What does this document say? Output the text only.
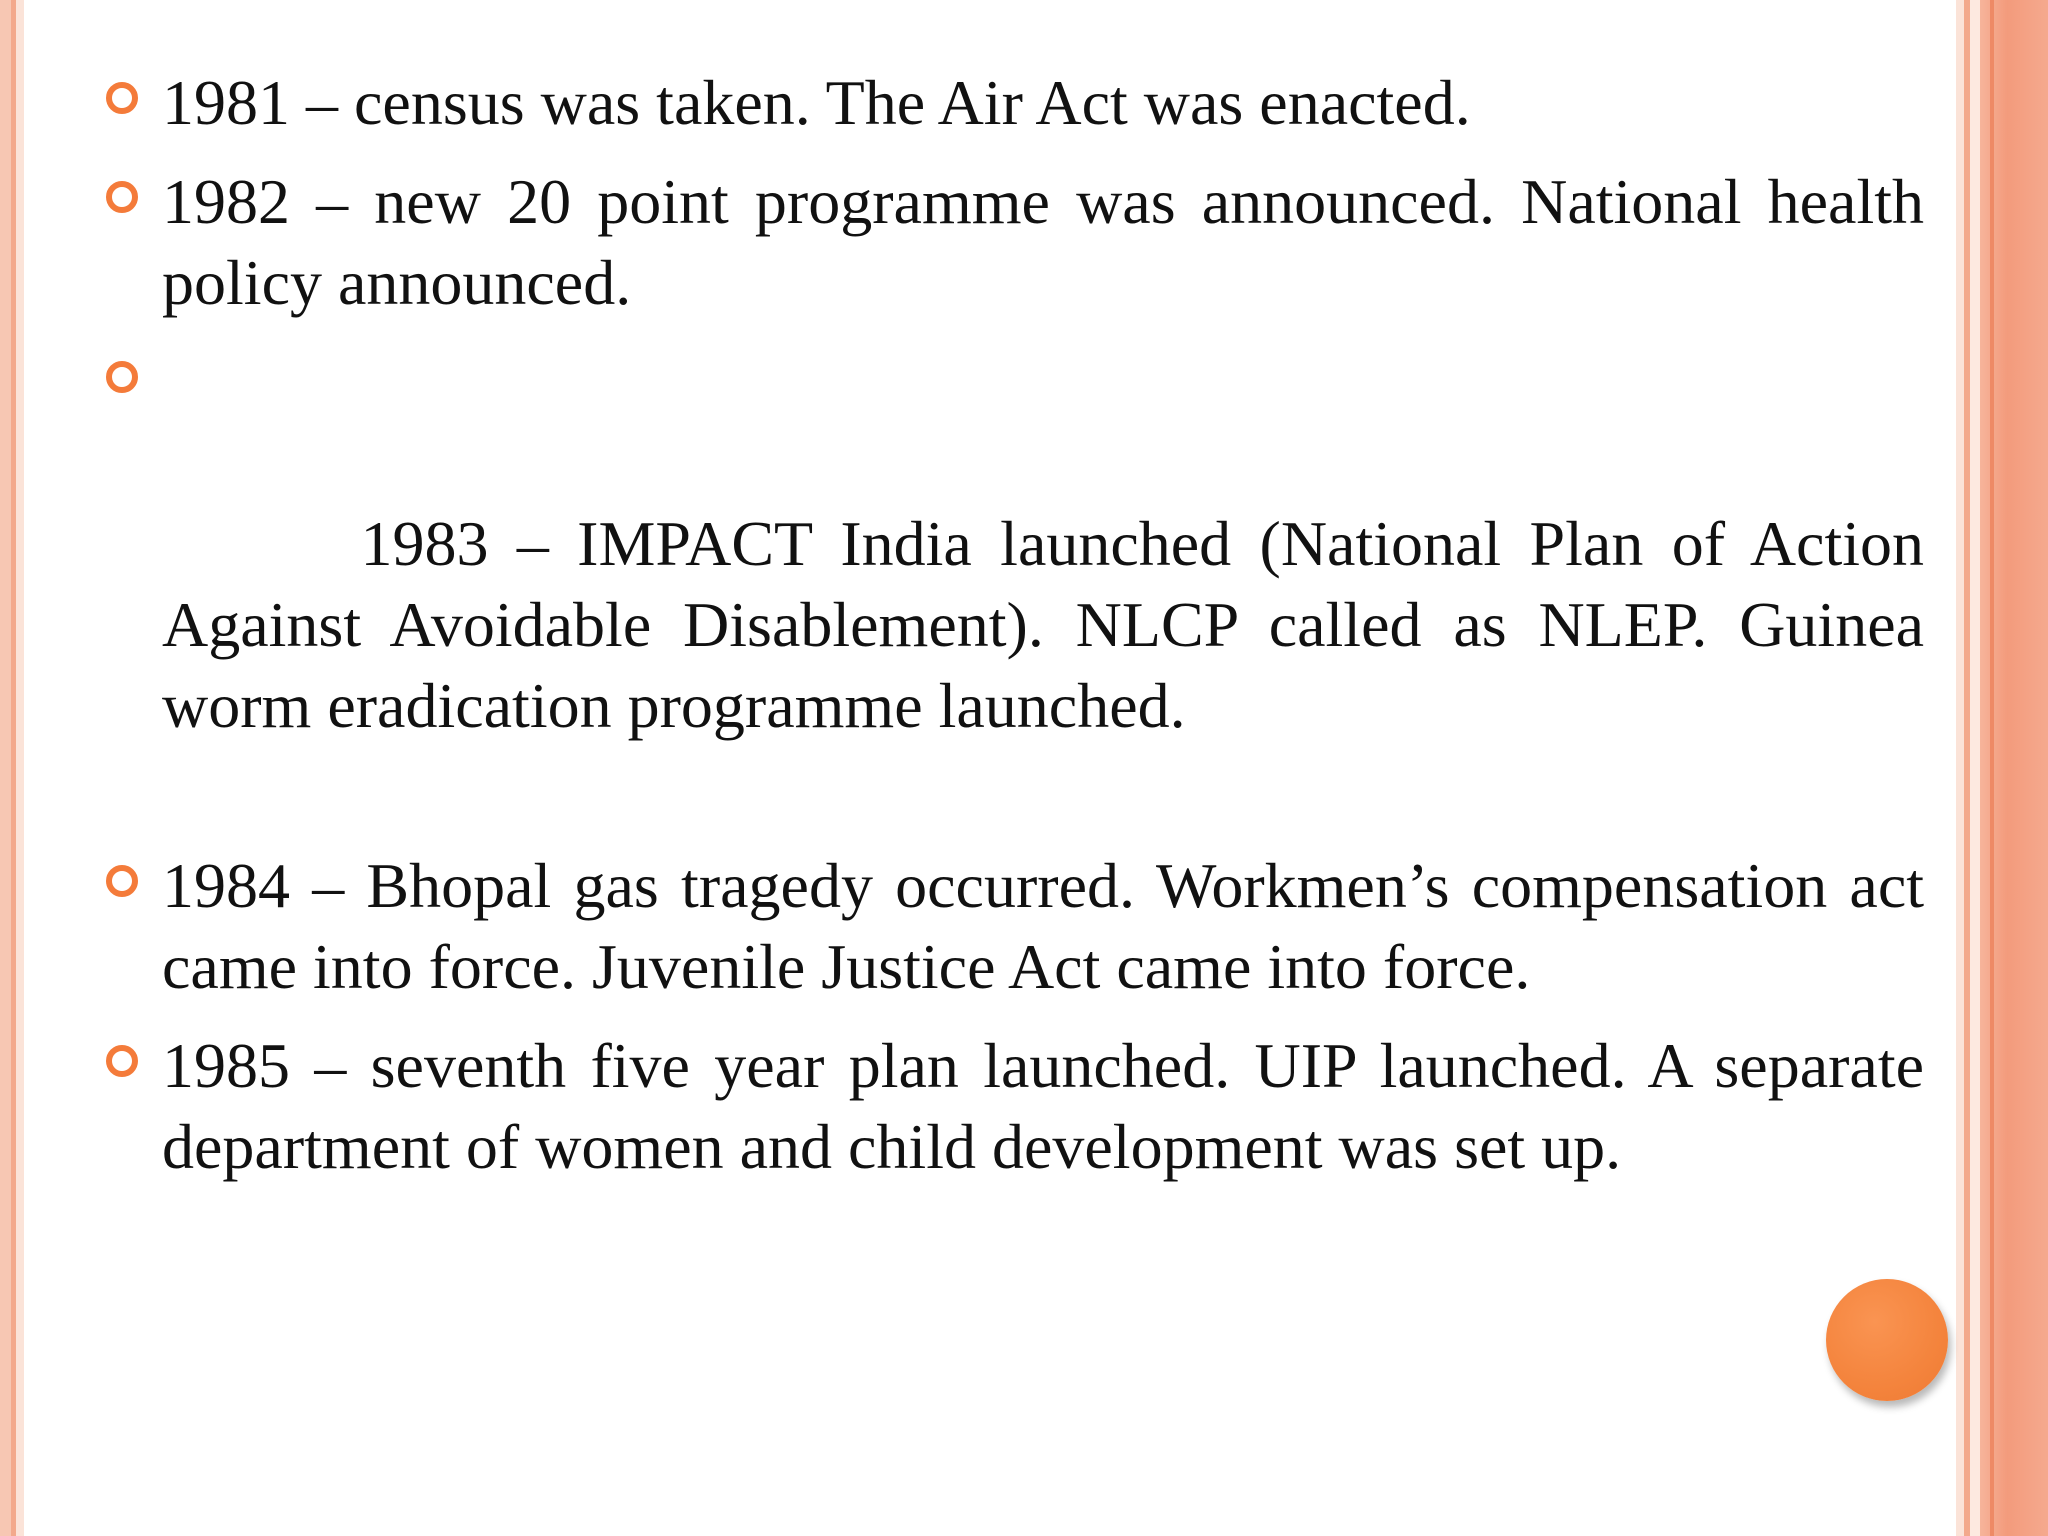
1981 – census was taken. The Air Act was enacted.
1982 – new 20 point programme was announced. National health policy announced.

1983 – IMPACT India launched (National Plan of Action Against Avoidable Disablement). NLCP called as NLEP. Guinea worm eradication programme launched.

1984 – Bhopal gas tragedy occurred. Workmen’s compensation act came into force. Juvenile Justice Act came into force.
1985 – seventh five year plan launched. UIP launched. A separate department of women and child development was set up.
